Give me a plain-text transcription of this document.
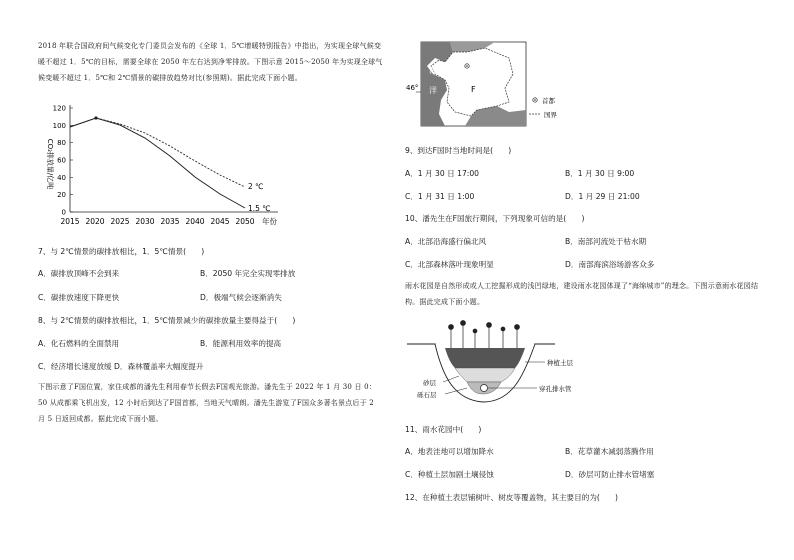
2018 年联合国政府间气候变化专门委员会发布的《全球 1．5℃增暖特别报告》中指出，为实现全球气候变暖不超过 1．5℃的目标，需要全球在 2050 年左右达到净零排放。下图示意 2015～2050 年为实现全球气候变暖不超过 1．5℃和 2℃情景的碳排放趋势对比(参照期)。据此完成下面小题。
CO₂排放量/亿吨
120
100
80
60
40
20
0
2015 2020 2025 2030 2035 2040 2045 2050
2 ℃
1.5 ℃
年份
7、与 2℃情景的碳排放相比，1．5℃情景(　　)
A．碳排放顶峰不会到来	B．2050 年完全实现零排放
C．碳排放速度下降更快	D．极端气候会逐渐消失
8、与 2℃情景的碳排放相比，1．5℃情景减少的碳排放量主要得益于(　　)
A．化石燃料的全面禁用	B．能源利用效率的提高
C．经济增长速度放缓 D．森林覆盖率大幅度提升
下图示意了F国位置，家住成都的潘先生利用春节长假去F国观光旅游。潘先生于 2022 年 1 月 30 日 0：50 从成都乘飞机出发，12 小时后到达了F国首都，当地天气晴朗。潘先生游览了F国众多著名景点后于 2 月 5 日返回成都。据此完成下面小题。
海
洋	F
46°
首都
国界
9、到达F国时当地时间是(　　)
A．1 月 30 日 17:00	B．1 月 30 日 9:00
C．1 月 31 日 1:00	D．1 月 29 日 21:00
10、潘先生在F国旅行期间，下列现象可信的是(　　)
A．北部沿海盛行偏北风	B．南部河流处于枯水期
C．北部森林落叶现象明显	D．南部海滨浴场游客众多
雨水花园是自然形成或人工挖掘形成的浅凹绿地，建设雨水花园体现了“海绵城市”的理念。下图示意雨水花园结构。据此完成下面小题。
种植土层
砂层
砾石层
穿孔排水管
11、雨水花园中(　　)
A．地表洼地可以增加降水	B．花草灌木减弱蒸腾作用
C．种植土层加剧土壤侵蚀	D．砂层可防止排水管堵塞
12、在种植土表层铺树叶、树皮等覆盖物，其主要目的为(　　)
